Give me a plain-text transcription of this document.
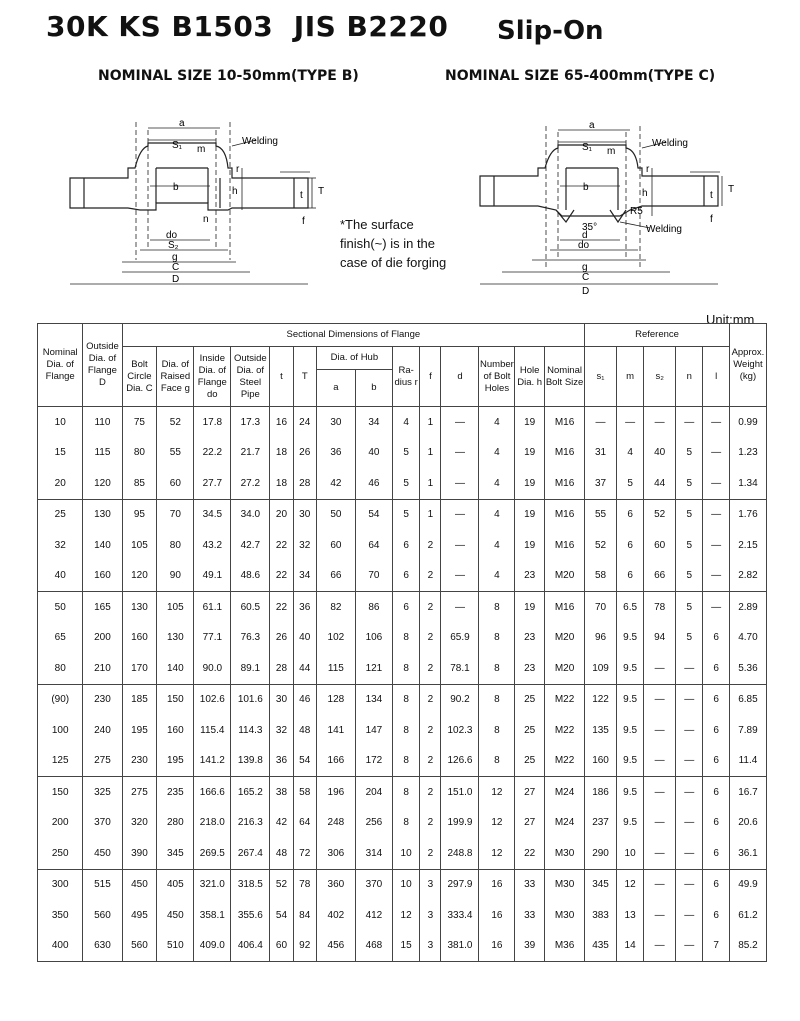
30K KS B1503  JIS B2220 Slip-On
NOMINAL SIZE 10-50mm(TYPE B)	NOMINAL SIZE 65-400mm(TYPE C)
a
S₁ m
Welding
r
b	h	t T
n	f
do
S₂
g
C
D
*The surface finish(~) is in the case of die forging
a
S₁ m
Welding
r
b
h	t
T
R5
35°	Welding
d
do
g
C
D
f
Unit:mm
Nominal Dia. of Flange	Outside Dia. of Flange D	Sectional Dimensions of Flange														Reference					Approx. Weight (kg)
		Bolt Circle Dia. C	Dia. of Raised Face g	Inside Dia. of Flange do	Outside Dia. of Steel Pipe	t	T	Dia. of Hub		Ra- dius r	f	d	Number of Bolt Holes	Hole Dia. h	Nominal Bolt Size	s₁	m	s₂	n	l	
								a	b												
10	110	75	52	17.8	17.3	16	24	30	34	4	1	—	4	19	M16	—	—	—	—	—	0.99
15	115	80	55	22.2	21.7	18	26	36	40	5	1	—	4	19	M16	31	4	40	5	—	1.23
20	120	85	60	27.7	27.2	18	28	42	46	5	1	—	4	19	M16	37	5	44	5	—	1.34
25	130	95	70	34.5	34.0	20	30	50	54	5	1	—	4	19	M16	55	6	52	5	—	1.76
32	140	105	80	43.2	42.7	22	32	60	64	6	2	—	4	19	M16	52	6	60	5	—	2.15
40	160	120	90	49.1	48.6	22	34	66	70	6	2	—	4	23	M20	58	6	66	5	—	2.82
50	165	130	105	61.1	60.5	22	36	82	86	6	2	—	8	19	M16	70	6.5	78	5	—	2.89
65	200	160	130	77.1	76.3	26	40	102	106	8	2	65.9	8	23	M20	96	9.5	94	5	6	4.70
80	210	170	140	90.0	89.1	28	44	115	121	8	2	78.1	8	23	M20	109	9.5	—	—	6	5.36
(90)	230	185	150	102.6	101.6	30	46	128	134	8	2	90.2	8	25	M22	122	9.5	—	—	6	6.85
100	240	195	160	115.4	114.3	32	48	141	147	8	2	102.3	8	25	M22	135	9.5	—	—	6	7.89
125	275	230	195	141.2	139.8	36	54	166	172	8	2	126.6	8	25	M22	160	9.5	—	—	6	11.4
150	325	275	235	166.6	165.2	38	58	196	204	8	2	151.0	12	27	M24	186	9.5	—	—	6	16.7
200	370	320	280	218.0	216.3	42	64	248	256	8	2	199.9	12	27	M24	237	9.5	—	—	6	20.6
250	450	390	345	269.5	267.4	48	72	306	314	10	2	248.8	12	22	M30	290	10	—	—	6	36.1
300	515	450	405	321.0	318.5	52	78	360	370	10	3	297.9	16	33	M30	345	12	—	—	6	49.9
350	560	495	450	358.1	355.6	54	84	402	412	12	3	333.4	16	33	M30	383	13	—	—	6	61.2
400	630	560	510	409.0	406.4	60	92	456	468	15	3	381.0	16	39	M36	435	14	—	—	7	85.2
